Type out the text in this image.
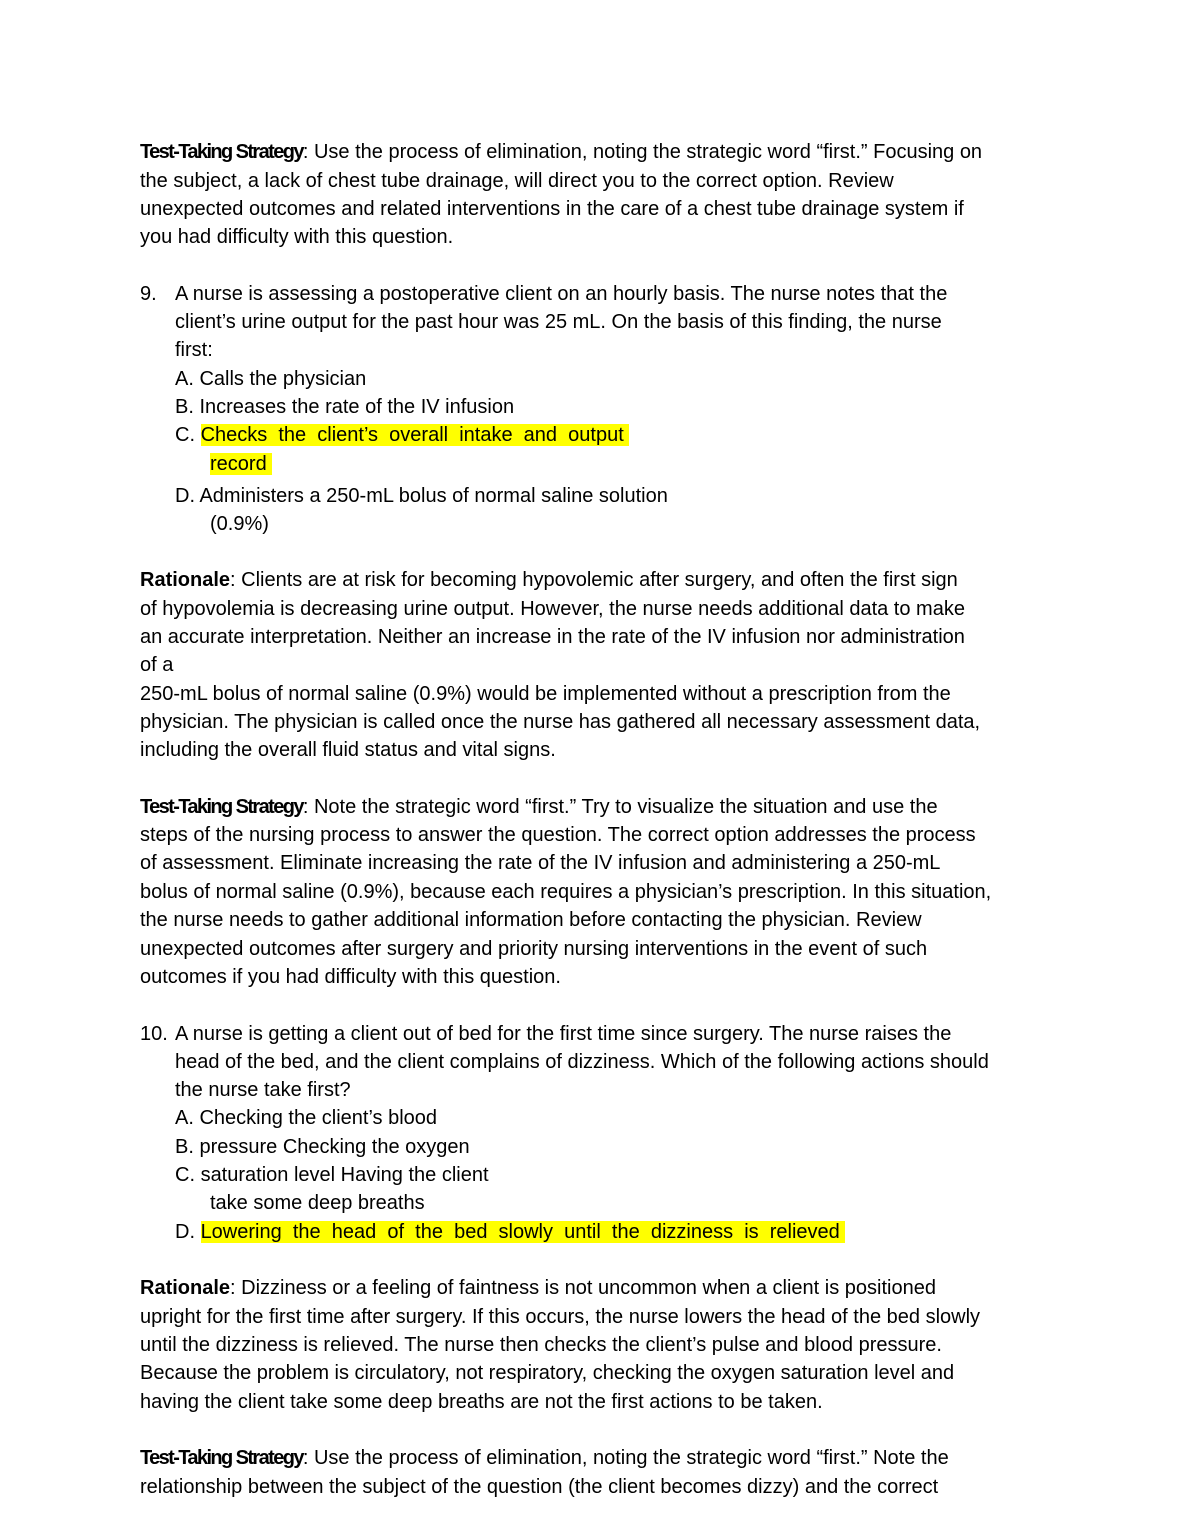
Test-Taking Strategy: Use the process of elimination, noting the strategic word “first.” Focusing on
the subject, a lack of chest tube drainage, will direct you to the correct option. Review
unexpected outcomes and related interventions in the care of a chest tube drainage system if
you had difficulty with this question.
9. A nurse is assessing a postoperative client on an hourly basis. The nurse notes that the
client’s urine output for the past hour was 25 mL. On the basis of this finding, the nurse
first:
A. Calls the physician
B. Increases the rate of the IV infusion
C. Checks  the  client’s  overall  intake  and  output
record
D. Administers a 250-mL bolus of normal saline solution
(0.9%)
Rationale: Clients are at risk for becoming hypovolemic after surgery, and often the first sign
of hypovolemia is decreasing urine output. However, the nurse needs additional data to make
an accurate interpretation. Neither an increase in the rate of the IV infusion nor administration
of a
250-mL bolus of normal saline (0.9%) would be implemented without a prescription from the
physician. The physician is called once the nurse has gathered all necessary assessment data,
including the overall fluid status and vital signs.
Test-Taking Strategy: Note the strategic word “first.” Try to visualize the situation and use the
steps of the nursing process to answer the question. The correct option addresses the process
of assessment. Eliminate increasing the rate of the IV infusion and administering a 250-mL
bolus of normal saline (0.9%), because each requires a physician’s prescription. In this situation,
the nurse needs to gather additional information before contacting the physician. Review
unexpected outcomes after surgery and priority nursing interventions in the event of such
outcomes if you had difficulty with this question.
10. A nurse is getting a client out of bed for the first time since surgery. The nurse raises the
head of the bed, and the client complains of dizziness. Which of the following actions should
the nurse take first?
A. Checking the client’s blood
B. pressure Checking the oxygen
C. saturation level Having the client
take some deep breaths
D. Lowering  the  head  of  the  bed  slowly  until  the  dizziness  is  relieved
Rationale: Dizziness or a feeling of faintness is not uncommon when a client is positioned
upright for the first time after surgery. If this occurs, the nurse lowers the head of the bed slowly
until the dizziness is relieved. The nurse then checks the client’s pulse and blood pressure.
Because the problem is circulatory, not respiratory, checking the oxygen saturation level and
having the client take some deep breaths are not the first actions to be taken.
Test-Taking Strategy: Use the process of elimination, noting the strategic word “first.” Note the
relationship between the subject of the question (the client becomes dizzy) and the correct
